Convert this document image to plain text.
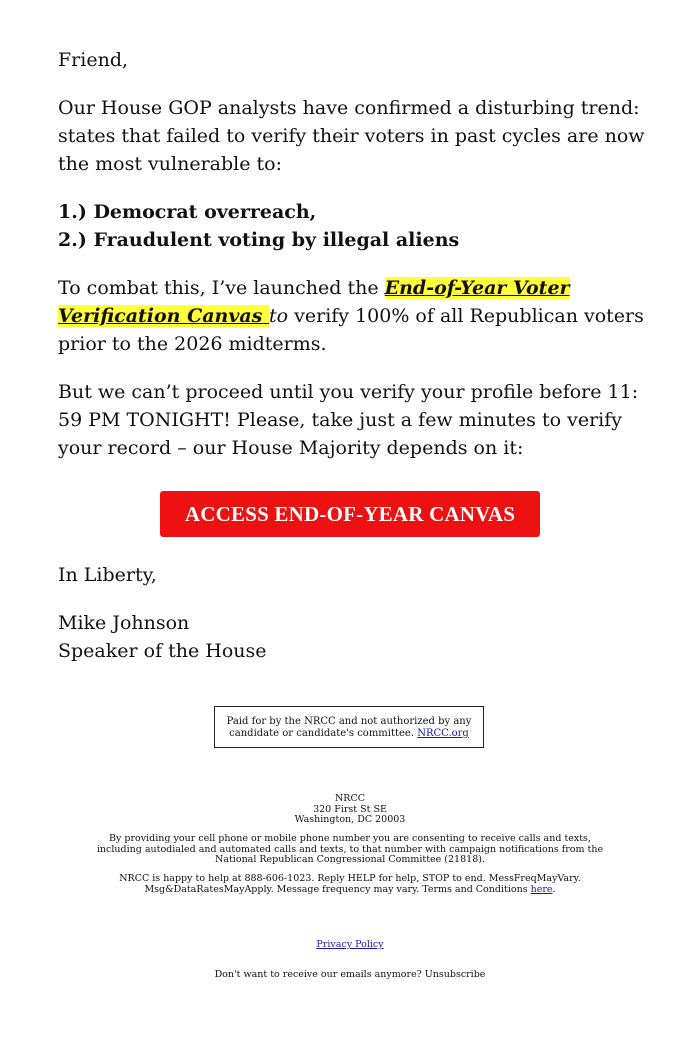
Friend,

Our House GOP analysts have confirmed a disturbing trend: states that failed to verify their voters in past cycles are now the most vulnerable to:

1.) Democrat overreach,
2.) Fraudulent voting by illegal aliens

To combat this, I’ve launched the End-of-Year Voter Verification Canvas to verify 100% of all Republican voters prior to the 2026 midterms.

But we can’t proceed until you verify your profile before 11: 59 PM TONIGHT! Please, take just a few minutes to verify your record – our House Majority depends on it:

ACCESS END-OF-YEAR CANVAS

In Liberty,

Mike Johnson

Speaker of the House

Paid for by the NRCC and not authorized by any candidate or candidate's committee. NRCC.org
NRCC
320 First St SE
Washington, DC 20003
By providing your cell phone or mobile phone number you are consenting to receive calls and texts, including autodialed and automated calls and texts, to that number with campaign notifications from the National Republican Congressional Committee (21818).
NRCC is happy to help at 888-606-1023. Reply HELP for help, STOP to end. MessFreqMayVary. Msg&DataRatesMayApply. Message frequency may vary. Terms and Conditions here.
Privacy Policy
Don't want to receive our emails anymore? Unsubscribe
